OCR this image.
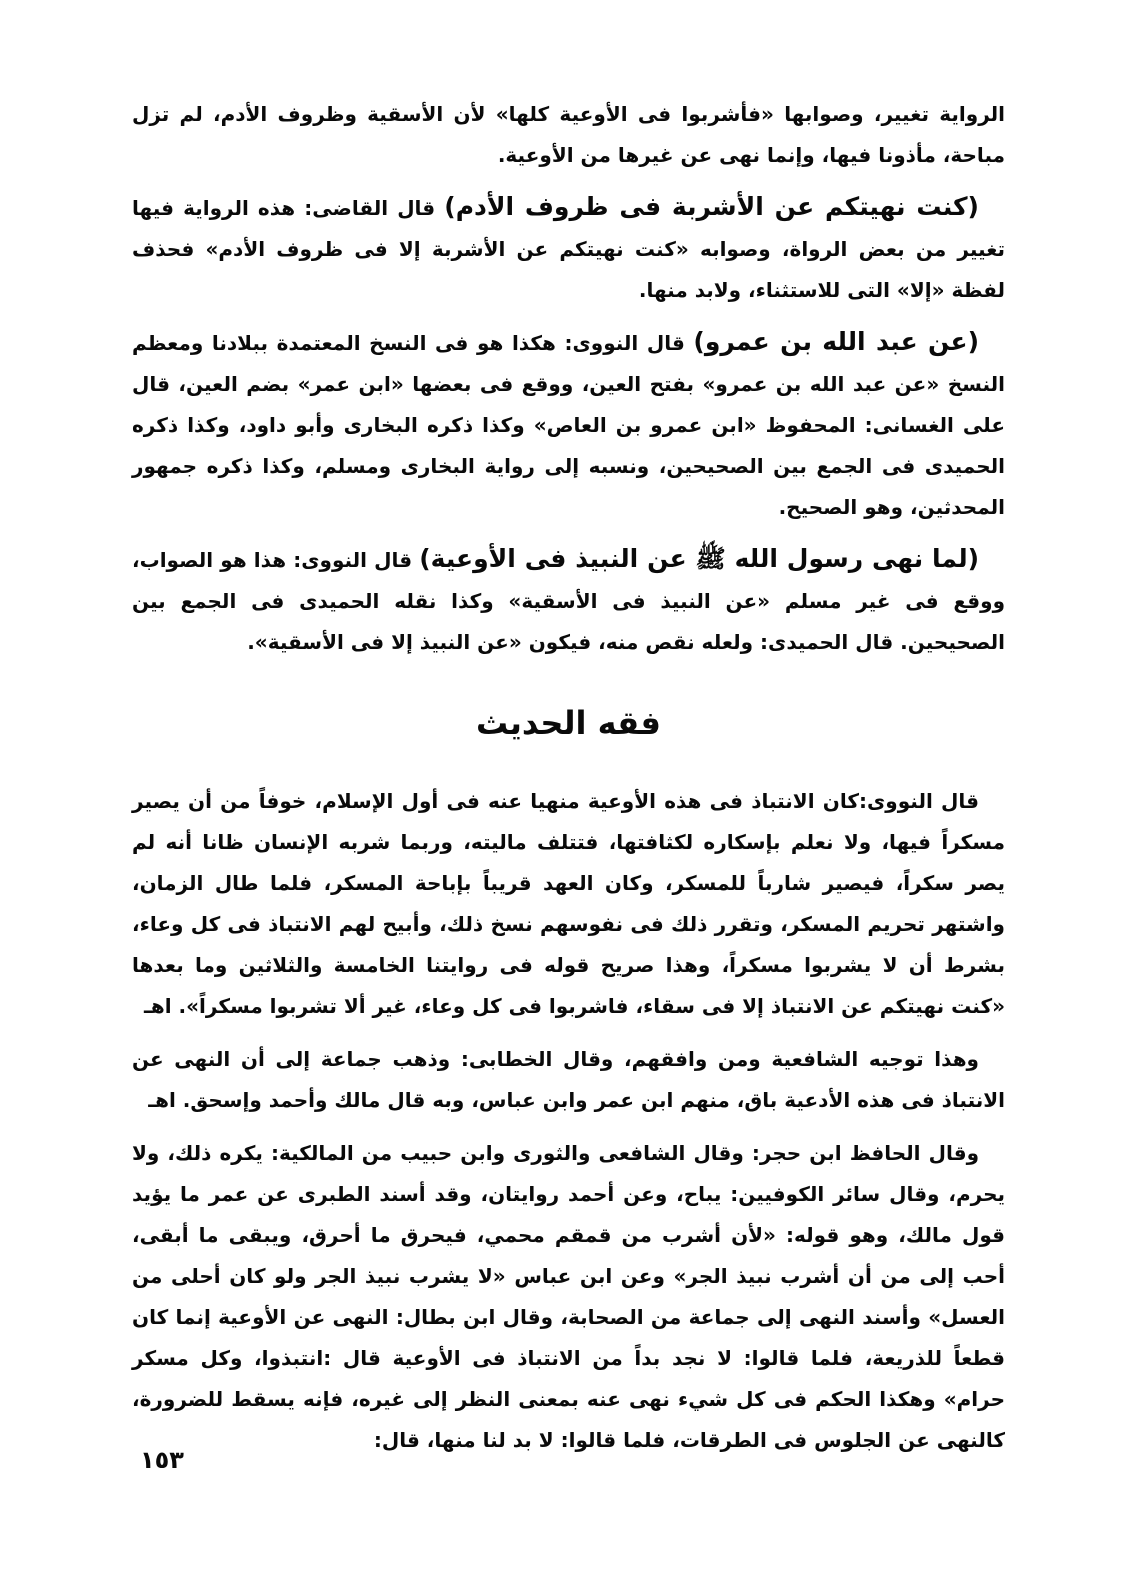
الرواية تغيير، وصوابها «فأشربوا فى الأوعية كلها» لأن الأسقية وظروف الأدم، لم تزل مباحة، مأذونا فيها، وإنما نهى عن غيرها من الأوعية.

(كنت نهيتكم عن الأشربة فى ظروف الأدم) قال القاضى: هذه الرواية فيها تغيير من بعض الرواة، وصوابه «كنت نهيتكم عن الأشربة إلا فى ظروف الأدم» فحذف لفظة «إلا» التى للاستثناء، ولابد منها.

(عن عبد الله بن عمرو) قال النووى: هكذا هو فى النسخ المعتمدة ببلادنا ومعظم النسخ «عن عبد الله بن عمرو» بفتح العين، ووقع فى بعضها «ابن عمر» بضم العين، قال على الغسانى: المحفوظ «ابن عمرو بن العاص» وكذا ذكره البخارى وأبو داود، وكذا ذكره الحميدى فى الجمع بين الصحيحين، ونسبه إلى رواية البخارى ومسلم، وكذا ذكره جمهور المحدثين، وهو الصحيح.

(لما نهى رسول الله ﷺ عن النبيذ فى الأوعية) قال النووى: هذا هو الصواب، ووقع فى غير مسلم «عن النبيذ فى الأسقية» وكذا نقله الحميدى فى الجمع بين الصحيحين. قال الحميدى: ولعله نقص منه، فيكون «عن النبيذ إلا فى الأسقية».

فقه الحديث

قال النووى:كان الانتباذ فى هذه الأوعية منهيا عنه فى أول الإسلام، خوفاً من أن يصير مسكراً فيها، ولا نعلم بإسكاره لكثافتها، فتتلف ماليته، وربما شربه الإنسان ظانا أنه لم يصر سكراً، فيصير شارباً للمسكر، وكان العهد قريباً بإباحة المسكر، فلما طال الزمان، واشتهر تحريم المسكر، وتقرر ذلك فى نفوسهم نسخ ذلك، وأبيح لهم الانتباذ فى كل وعاء، بشرط أن لا يشربوا مسكراً، وهذا صريح قوله فى روايتنا الخامسة والثلاثين وما بعدها «كنت نهيتكم عن الانتباذ إلا فى سقاء، فاشربوا فى كل وعاء، غير ألا تشربوا مسكراً». اهـ

وهذا توجيه الشافعية ومن وافقهم، وقال الخطابى: وذهب جماعة إلى أن النهى عن الانتباذ فى هذه الأدعية باق، منهم ابن عمر وابن عباس، وبه قال مالك وأحمد وإسحق. اهـ

وقال الحافظ ابن حجر: وقال الشافعى والثورى وابن حبيب من المالكية: يكره ذلك، ولا يحرم، وقال سائر الكوفيين: يباح، وعن أحمد روايتان، وقد أسند الطبرى عن عمر ما يؤيد قول مالك، وهو قوله: «لأن أشرب من قمقم محمي، فيحرق ما أحرق، ويبقى ما أبقى، أحب إلى من أن أشرب نبيذ الجر» وعن ابن عباس «لا يشرب نبيذ الجر ولو كان أحلى من العسل» وأسند النهى إلى جماعة من الصحابة، وقال ابن بطال: النهى عن الأوعية إنما كان قطعاً للذريعة، فلما قالوا: لا نجد بداً من الانتباذ فى الأوعية قال :انتبذوا، وكل مسكر حرام» وهكذا الحكم فى كل شيء نهى عنه بمعنى النظر إلى غيره، فإنه يسقط للضرورة، كالنهى عن الجلوس فى الطرقات، فلما قالوا: لا بد لنا منها، قال:

١٥٣
